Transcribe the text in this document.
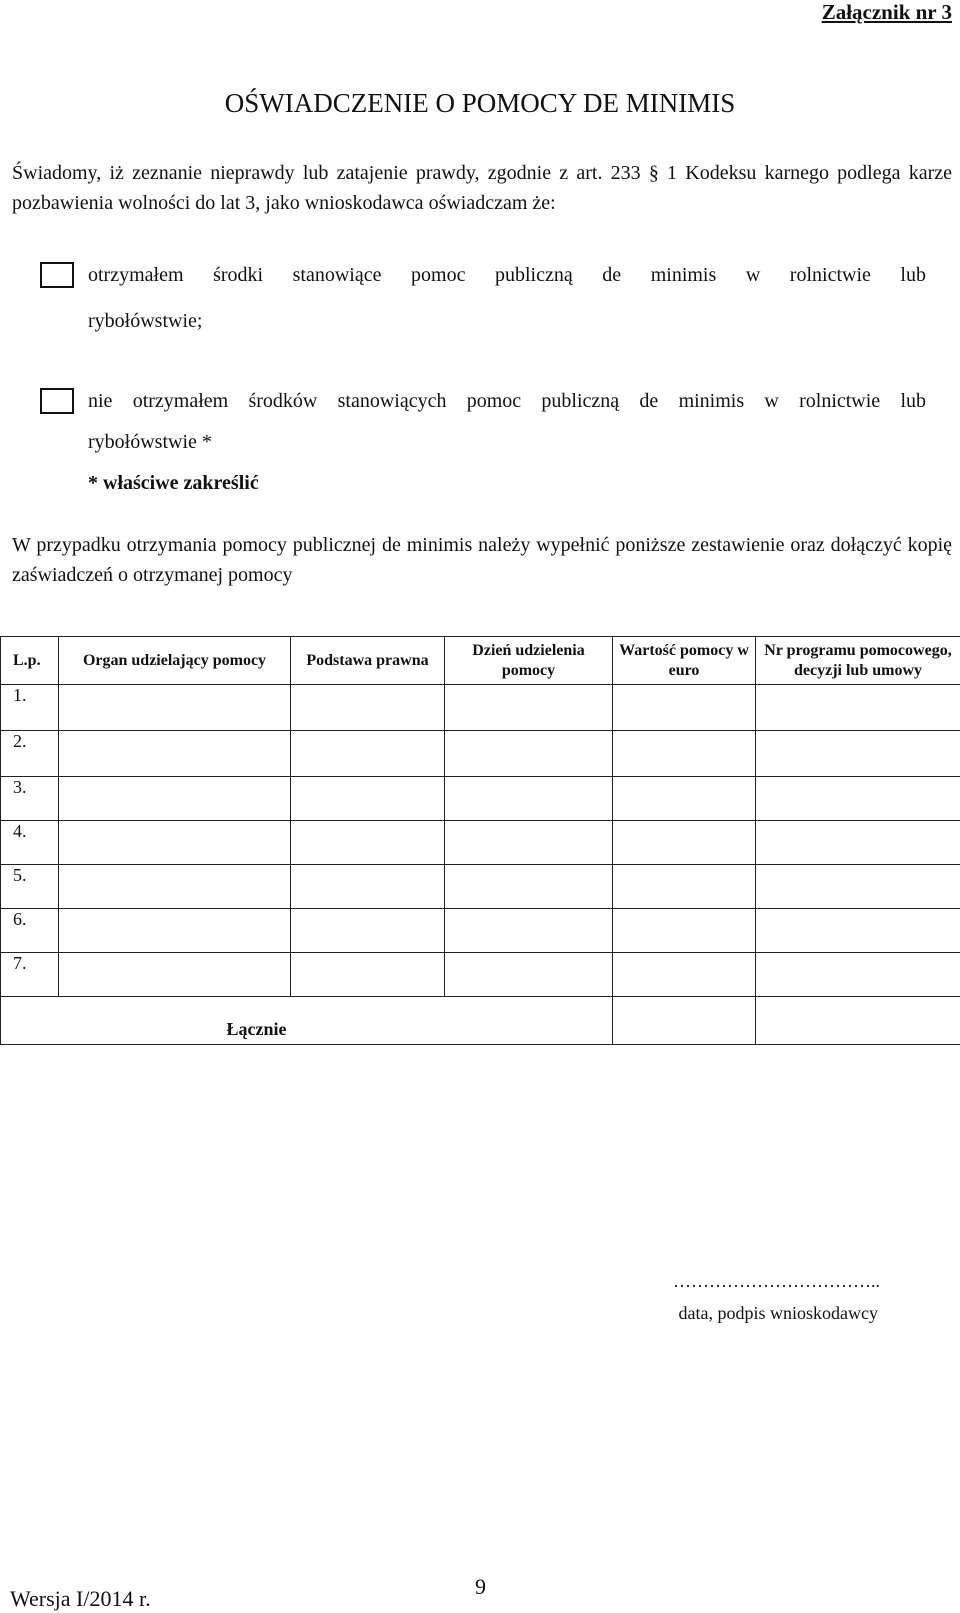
Załącznik nr 3
OŚWIADCZENIE O POMOCY DE MINIMIS
Świadomy, iż zeznanie nieprawdy lub zatajenie prawdy, zgodnie z art. 233 § 1 Kodeksu karnego podlega karze pozbawienia wolności do lat 3, jako wnioskodawca oświadczam że:
otrzymałem środki stanowiące pomoc publiczną de minimis w rolnictwie lub
rybołówstwie;
nie otrzymałem środków stanowiących pomoc publiczną de minimis w rolnictwie lub
rybołówstwie *
* właściwe zakreślić
W przypadku otrzymania pomocy publicznej de minimis należy wypełnić poniższe zestawienie oraz dołączyć kopię zaświadczeń o otrzymanej pomocy
L.p.	Organ udzielający pomocy	Podstawa prawna	Dzień udzielenia pomocy	Wartość pomocy w euro	Nr programu pomocowego, decyzji lub umowy
1.					
2.					
3.					
4.					
5.					
6.					
7.					
Łącznie					
……………………………..
data, podpis wnioskodawcy
9
Wersja I/2014 r.
